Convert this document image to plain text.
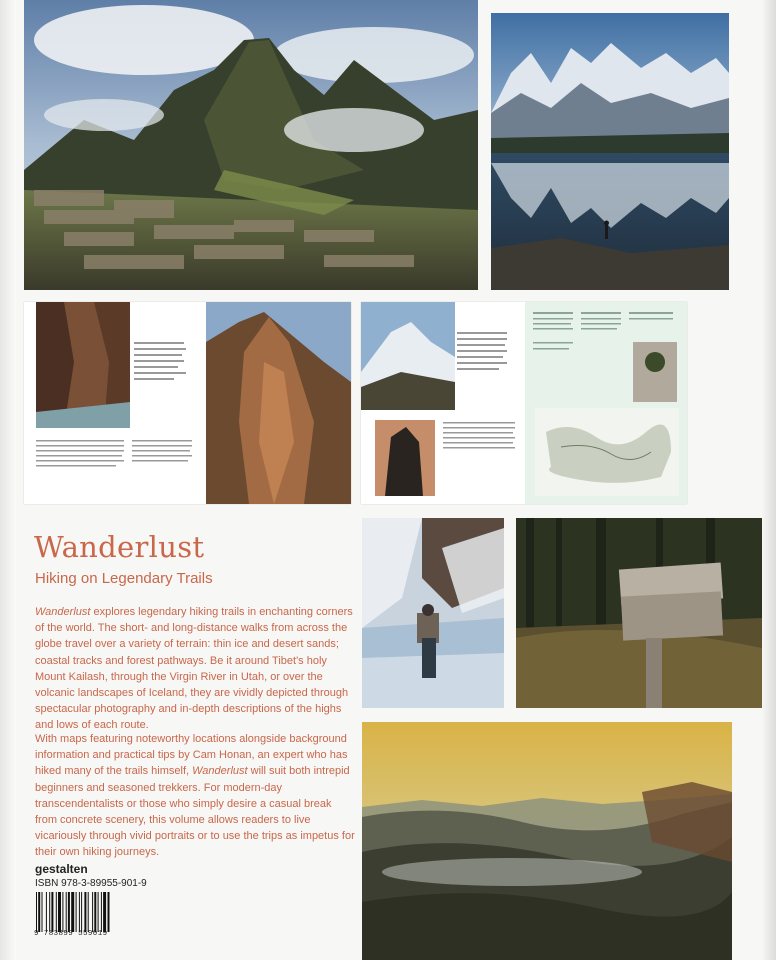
Wanderlust

Hiking on Legendary Trails

Wanderlust explores legendary hiking trails in enchanting corners of the world. The short- and long-distance walks from across the globe travel over a variety of terrain: thin ice and desert sands; coastal tracks and forest pathways. Be it around Tibet's holy Mount Kailash, through the Virgin River in Utah, or over the volcanic landscapes of Iceland, they are vividly depicted through spectacular photography and in-depth descriptions of the highs and lows of each route.

With maps featuring noteworthy locations alongside background information and practical tips by Cam Honan, an expert who has hiked many of the trails himself, Wanderlust will suit both intrepid beginners and seasoned trekkers. For modern-day transcendentalists or those who simply desire a casual break from concrete scenery, this volume allows readers to live vicariously through vivid portraits or to use the trips as impetus for their own hiking journeys.

gestalten
ISBN 978-3-89955-901-9
9 783899 559019
